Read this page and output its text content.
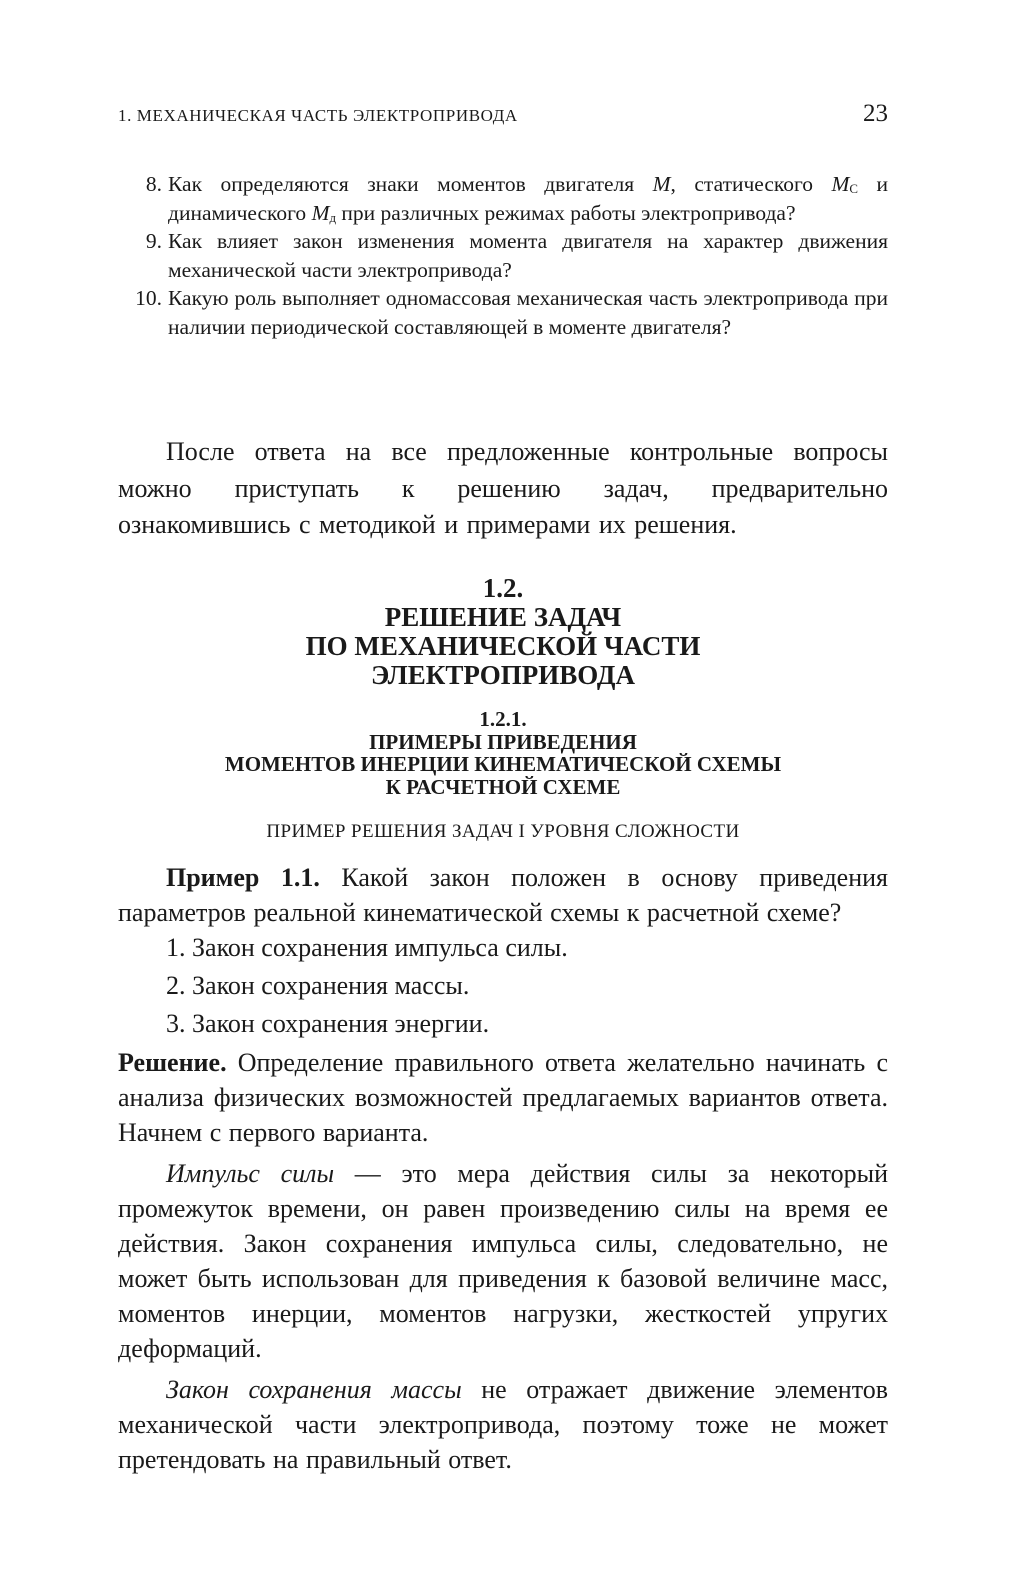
1. МЕХАНИЧЕСКАЯ ЧАСТЬ ЭЛЕКТРОПРИВОДА	23
8. Как определяются знаки моментов двигателя M, статического $M_С$ и динамического $M_д$ при различных режимах работы электропривода?
9. Как влияет закон изменения момента двигателя на характер движения механической части электропривода?
10. Какую роль выполняет одномассовая механическая часть электропривода при наличии периодической составляющей в моменте двигателя?

После ответа на все предложенные контрольные вопросы можно приступать к решению задач, предварительно ознакомившись с методикой и примерами их решения.

1.2.
РЕШЕНИЕ ЗАДАЧ
ПО МЕХАНИЧЕСКОЙ ЧАСТИ
ЭЛЕКТРОПРИВОДА
1.2.1.
ПРИМЕРЫ ПРИВЕДЕНИЯ
МОМЕНТОВ ИНЕРЦИИ КИНЕМАТИЧЕСКОЙ СХЕМЫ
К РАСЧЕТНОЙ СХЕМЕ
ПРИМЕР РЕШЕНИЯ ЗАДАЧ I УРОВНЯ СЛОЖНОСТИ
Пример 1.1. Какой закон положен в основу приведения параметров реальной кинематической схемы к расчетной схеме?
1. Закон сохранения импульса силы.
2. Закон сохранения массы.
3. Закон сохранения энергии.
Решение. Определение правильного ответа желательно начинать с анализа физических возможностей предлагаемых вариантов ответа. Начнем с первого варианта.
Импульс силы — это мера действия силы за некоторый промежуток времени, он равен произведению силы на время ее действия. Закон сохранения импульса силы, следовательно, не может быть использован для приведения к базовой величине масс, моментов инерции, моментов нагрузки, жесткостей упругих деформаций.
Закон сохранения массы не отражает движение элементов механической части электропривода, поэтому тоже не может претендовать на правильный ответ.
